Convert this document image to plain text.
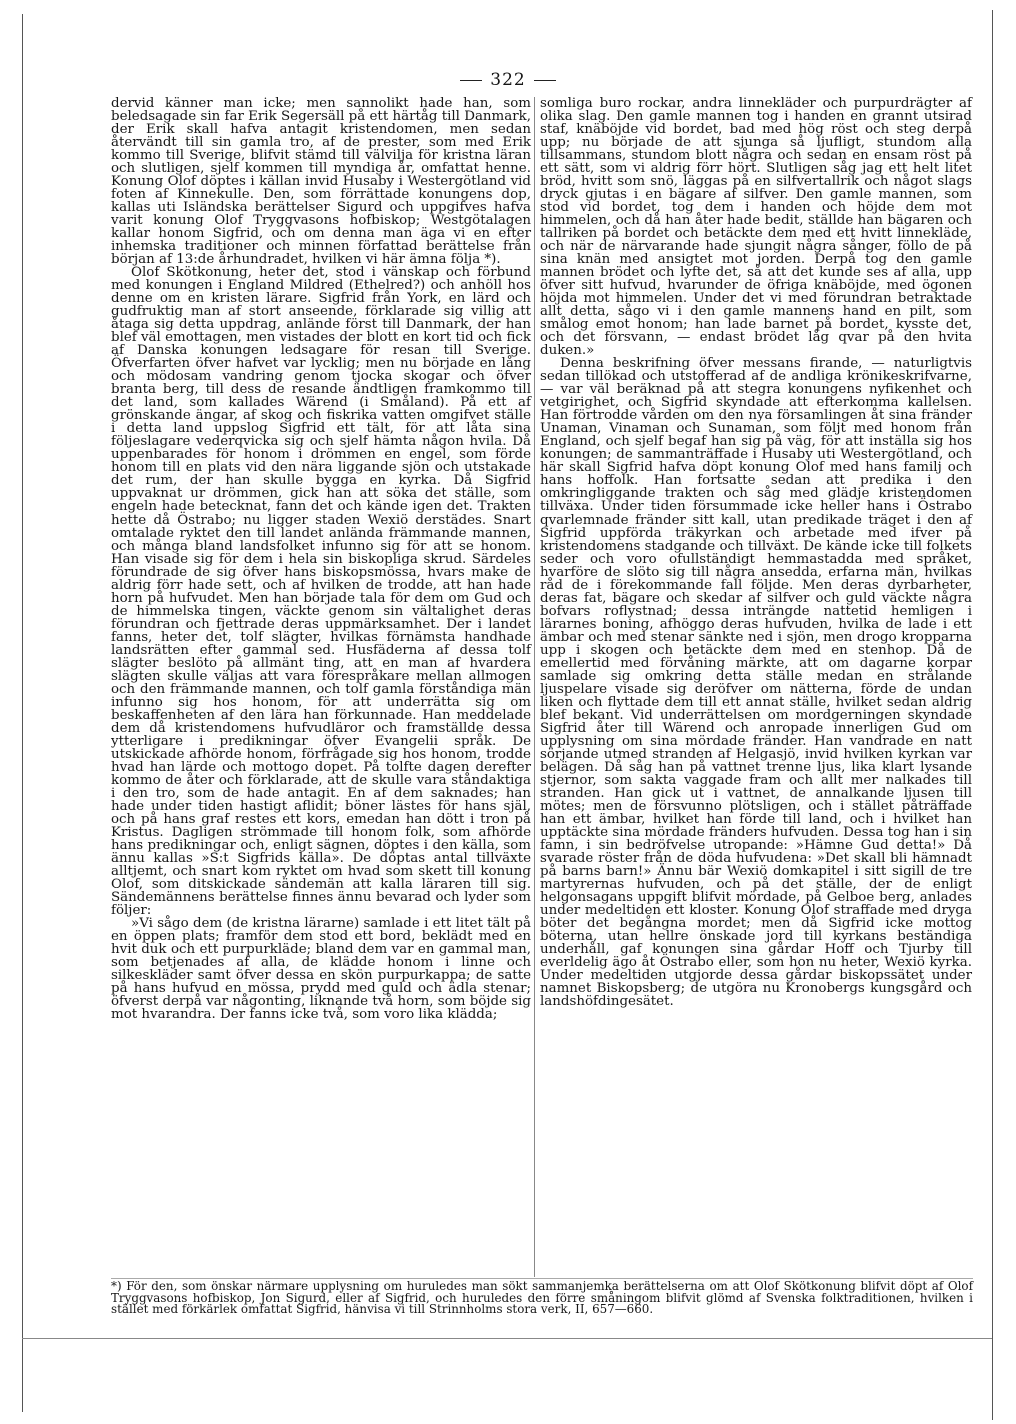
322

dervid känner man icke; men sannolikt hade han, som beledsagade sin far Erik Segersäll på ett härtåg till Danmark, der Erik skall hafva antagit kristendomen, men sedan återvändt till sin gamla tro, af de prester, som med Erik kommo till Sverige, blifvit stämd till välvilja för kristna läran och slutligen, sjelf kommen till myndiga år, omfattat henne. Konung Olof döptes i källan invid Husaby i Westergötland vid foten af Kinnekulle. Den, som förrättade konungens dop, kallas uti Isländska berättelser Sigurd och uppgifves hafva varit konung Olof Tryggvasons hofbiskop; Westgötalagen kallar honom Sigfrid, och om denna man äga vi en efter inhemska traditioner och minnen författad berättelse från början af 13:de århundradet, hvilken vi här ämna följa *).

Olof Skötkonung, heter det, stod i vänskap och förbund med konungen i England Mildred (Ethelred?) och anhöll hos denne om en kristen lärare. Sigfrid från York, en lärd och gudfruktig man af stort anseende, förklarade sig villig att åtaga sig detta uppdrag, anlände först till Danmark, der han blef väl emottagen, men vistades der blott en kort tid och fick af Danska konungen ledsagare för resan till Sverige. Öfverfarten öfver hafvet var lycklig; men nu började en lång och mödosam vandring genom tjocka skogar och öfver branta berg, till dess de resande ändtligen framkommo till det land, som kallades Wärend (i Småland). På ett af grönskande ängar, af skog och fiskrika vatten omgifvet ställe i detta land uppslog Sigfrid ett tält, för att låta sina följeslagare vederqvicka sig och sjelf hämta någon hvila. Då uppenbarades för honom i drömmen en engel, som förde honom till en plats vid den nära liggande sjön och utstakade det rum, der han skulle bygga en kyrka. Då Sigfrid uppvaknat ur drömmen, gick han att söka det ställe, som engeln hade betecknat, fann det och kände igen det. Trakten hette då Östrabo; nu ligger staden Wexiö derstädes. Snart omtalade ryktet den till landet anlända främmande mannen, och många bland landsfolket infunno sig för att se honom. Han visade sig för dem i hela sin biskopliga skrud. Särdeles förundrade de sig öfver hans biskopsmössa, hvars make de aldrig förr hade sett, och af hvilken de trodde, att han hade horn på hufvudet. Men han började tala för dem om Gud och de himmelska tingen, väckte genom sin vältalighet deras förundran och fjettrade deras uppmärksamhet. Der i landet fanns, heter det, tolf slägter, hvilkas förnämsta handhade landsrätten efter gammal sed. Husfäderna af dessa tolf slägter beslöto på allmänt ting, att en man af hvardera slägten skulle väljas att vara förespråkare mellan allmogen och den främmande mannen, och tolf gamla förståndiga män infunno sig hos honom, för att underrätta sig om beskaffenheten af den lära han förkunnade. Han meddelade dem då kristendomens hufvudläror och framställde dessa ytterligare i predikningar öfver Evangelii språk. De utskickade afhörde honom, förfrågade sig hos honom, trodde hvad han lärde och mottogo dopet. På tolfte dagen derefter kommo de åter och förklarade, att de skulle vara ståndaktiga i den tro, som de hade antagit. En af dem saknades; han hade under tiden hastigt aflidit; böner lästes för hans själ, och på hans graf restes ett kors, emedan han dött i tron på Kristus. Dagligen strömmade till honom folk, som afhörde hans predikningar och, enligt sägnen, döptes i den källa, som ännu kallas »S:t Sigfrids källa». De döptas antal tillväxte alltjemt, och snart kom ryktet om hvad som skett till konung Olof, som ditskickade sändemän att kalla läraren till sig. Sändemännens berättelse finnes ännu bevarad och lyder som följer:

»Vi sågo dem (de kristna lärarne) samlade i ett litet tält på en öppen plats; framför dem stod ett bord, beklädt med en hvit duk och ett purpurkläde; bland dem var en gammal man, som betjenades af alla, de klädde honom i linne och silkeskläder samt öfver dessa en skön purpurkappa; de satte på hans hufvud en mössa, prydd med guld och ädla stenar; öfverst derpå var någonting, liknande två horn, som böjde sig mot hvarandra. Der fanns icke två, som voro lika klädda;

somliga buro rockar, andra linnekläder och purpurdrägter af olika slag. Den gamle mannen tog i handen en grannt utsirad staf, knäböjde vid bordet, bad med hög röst och steg derpå upp; nu började de att sjunga så ljufligt, stundom alla tillsammans, stundom blott några och sedan en ensam röst på ett sätt, som vi aldrig förr hört. Slutligen såg jag ett helt litet bröd, hvitt som snö, läggas på en silfvertallrik och något slags dryck gjutas i en bägare af silfver. Den gamle mannen, som stod vid bordet, tog dem i handen och höjde dem mot himmelen, och då han åter hade bedit, ställde han bägaren och tallriken på bordet och betäckte dem med ett hvitt linnekläde, och när de närvarande hade sjungit några sånger, föllo de på sina knän med ansigtet mot jorden. Derpå tog den gamle mannen brödet och lyfte det, så att det kunde ses af alla, upp öfver sitt hufvud, hvarunder de öfriga knäböjde, med ögonen höjda mot himmelen. Under det vi med förundran betraktade allt detta, sågo vi i den gamle mannens hand en pilt, som smålog emot honom; han lade barnet på bordet, kysste det, och det försvann, — endast brödet låg qvar på den hvita duken.»

Denna beskrifning öfver messans firande, — naturligtvis sedan tillökad och utstofferad af de andliga krönikeskrifvarne, — var väl beräknad på att stegra konungens nyfikenhet och vetgirighet, och Sigfrid skyndade att efterkomma kallelsen. Han förtrodde vården om den nya församlingen åt sina fränder Unaman, Vinaman och Sunaman, som följt med honom från England, och sjelf begaf han sig på väg, för att inställa sig hos konungen; de sammanträffade i Husaby uti Westergötland, och här skall Sigfrid hafva döpt konung Olof med hans familj och hans hoffolk. Han fortsatte sedan att predika i den omkringliggande trakten och såg med glädje kristendomen tillväxa. Under tiden försummade icke heller hans i Östrabo qvarlemnade fränder sitt kall, utan predikade träget i den af Sigfrid uppförda träkyrkan och arbetade med ifver på kristendomens stadgande och tillväxt. De kände icke till folkets seder och voro ofullständigt hemmastadda med språket, hvarföre de slöto sig till några ansedda, erfarna män, hvilkas råd de i förekommande fall följde. Men deras dyrbarheter, deras fat, bägare och skedar af silfver och guld väckte några bofvars roflystnad; dessa inträngde nattetid hemligen i lärarnes boning, afhöggo deras hufvuden, hvilka de lade i ett ämbar och med stenar sänkte ned i sjön, men drogo kropparna upp i skogen och betäckte dem med en stenhop. Då de emellertid med förvåning märkte, att om dagarne korpar samlade sig omkring detta ställe medan en strålande ljuspelare visade sig deröfver om nätterna, förde de undan liken och flyttade dem till ett annat ställe, hvilket sedan aldrig blef bekant. Vid underrättelsen om mordgerningen skyndade Sigfrid åter till Wärend och anropade innerligen Gud om upplysning om sina mördade fränder. Han vandrade en natt sörjande utmed stranden af Helgasjö, invid hvilken kyrkan var belägen. Då såg han på vattnet trenne ljus, lika klart lysande stjernor, som sakta vaggade fram och allt mer nalkades till stranden. Han gick ut i vattnet, de annalkande ljusen till mötes; men de försvunno plötsligen, och i stället påträffade han ett ämbar, hvilket han förde till land, och i hvilket han upptäckte sina mördade fränders hufvuden. Dessa tog han i sin famn, i sin bedröfvelse utropande: »Hämne Gud detta!» Då svarade röster från de döda hufvudena: »Det skall bli hämnadt på barns barn!» Ännu bär Wexiö domkapitel i sitt sigill de tre martyrernas hufvuden, och på det ställe, der de enligt helgonsagans uppgift blifvit mördade, på Gelboe berg, anlades under medeltiden ett kloster. Konung Olof straffade med dryga böter det begångna mordet; men då Sigfrid icke mottog böterna, utan hellre önskade jord till kyrkans beständiga underhåll, gaf konungen sina gårdar Hoff och Tjurby till everldelig ägo åt Östrabo eller, som hon nu heter, Wexiö kyrka. Under medeltiden utgjorde dessa gårdar biskopssätet under namnet Biskopsberg; de utgöra nu Kronobergs kungsgård och landshöfdingesätet.

*) För den, som önskar närmare upplysning om huruledes man sökt sammanjemka berättelserna om att Olof Skötkonung blifvit döpt af Olof Tryggvasons hofbiskop, Jon Sigurd, eller af Sigfrid, och huruledes den förre småningom blifvit glömd af Svenska folktraditionen, hvilken i stället med förkärlek omfattat Sigfrid, hänvisa vi till Strinnholms stora verk, II, 657—660.
